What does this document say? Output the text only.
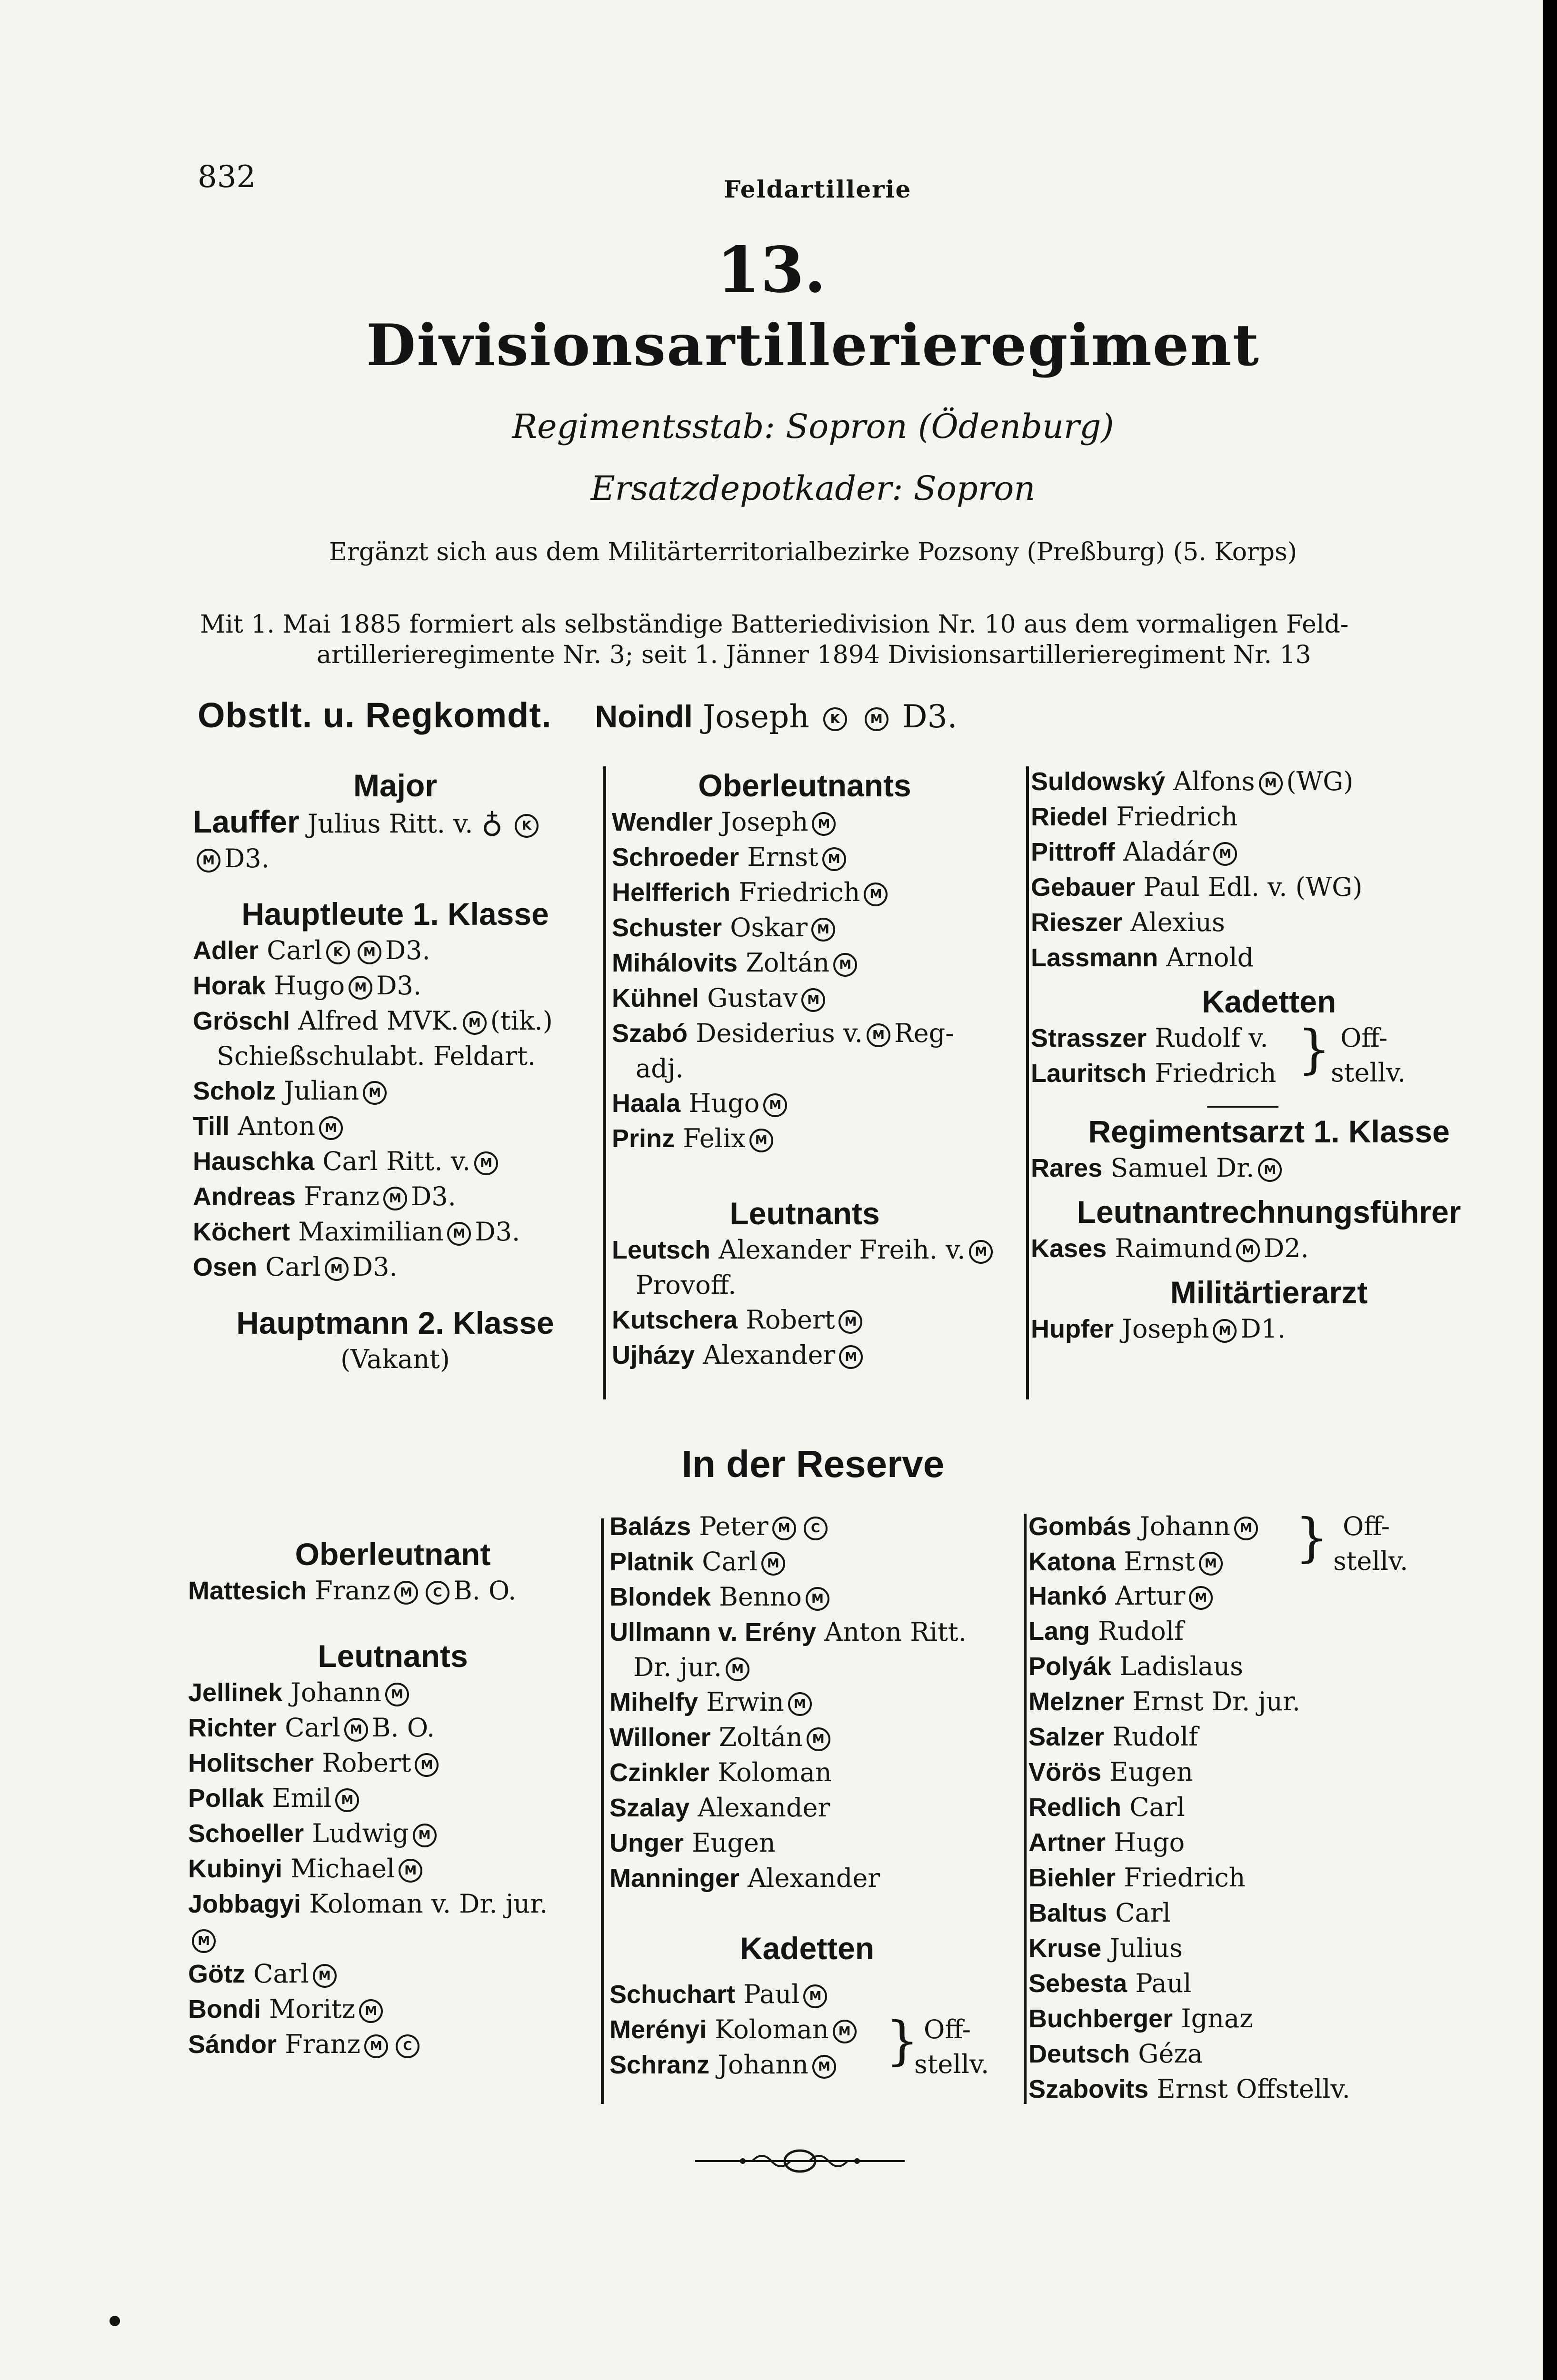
832	Feldartillerie
13.
Divisionsartillerieregiment
Regimentsstab: Sopron (Ödenburg)
Ersatzdepotkader: Sopron
Ergänzt sich aus dem Militärterritorialbezirke Pozsony (Preßburg) (5. Korps)
Mit 1. Mai 1885 formiert als selbständige Batteriedivision Nr. 10 aus dem vormaligen Feld-
artillerieregimente Nr. 3; seit 1. Jänner 1894 Divisionsartillerieregiment Nr. 13
Obstlt. u. Regkomdt. Noindl Joseph K M D3.
Major
Lauffer Julius Ritt. v. ♁ K
M D3.
Hauptleute 1. Klasse
Adler Carl K M D3.
Horak Hugo M D3.
Gröschl Alfred MVK. M (tik.)
Schießschulabt. Feldart.
Scholz Julian M
Till Anton M
Hauschka Carl Ritt. v. M
Andreas Franz M D3.
Köchert Maximilian M D3.
Osen Carl M D3.
Hauptmann 2. Klasse
(Vakant)
Oberleutnants
Wendler Joseph M
Schroeder Ernst M
Helfferich Friedrich M
Schuster Oskar M
Mihálovits Zoltán M
Kühnel Gustav M
Szabó Desiderius v. M Reg-
adj.
Haala Hugo M
Prinz Felix M
Leutnants
Leutsch Alexander Freih. v. M
Provoff.
Kutschera Robert M
Ujházy Alexander M
Suldowský Alfons M (WG)
Riedel Friedrich
Pittroff Aladár M
Gebauer Paul Edl. v. (WG)
Rieszer Alexius
Lassmann Arnold
Kadetten
Strasszer Rudolf v.
Lauritsch Friedrich } Off-
stellv.
Regimentsarzt 1. Klasse
Rares Samuel Dr. M
Leutnantrechnungsführer
Kases Raimund M D2.
Militärtierarzt
Hupfer Joseph M D1.
In der Reserve
Oberleutnant
Mattesich Franz M C B. O.
Leutnants
Jellinek Johann M
Richter Carl M B. O.
Holitscher Robert M
Pollak Emil M
Schoeller Ludwig M
Kubinyi Michael M
Jobbagyi Koloman v. Dr. jur.
M
Götz Carl M
Bondi Moritz M
Sándor Franz M C
Balázs Peter M C
Platnik Carl M
Blondek Benno M
Ullmann v. Erény Anton Ritt.
Dr. jur. M
Mihelfy Erwin M
Willoner Zoltán M
Czinkler Koloman
Szalay Alexander
Unger Eugen
Manninger Alexander
Kadetten
Schuchart Paul M
Merényi Koloman M
Schranz Johann M	} Off-
stellv.
Gombás Johann M
Katona Ernst M	} Off-
stellv.
Hankó Artur M
Lang Rudolf
Polyák Ladislaus
Melzner Ernst Dr. jur.
Salzer Rudolf
Vörös Eugen
Redlich Carl
Artner Hugo
Biehler Friedrich
Baltus Carl
Kruse Julius
Sebesta Paul
Buchberger Ignaz
Deutsch Géza
Szabovits Ernst Offstellv.
